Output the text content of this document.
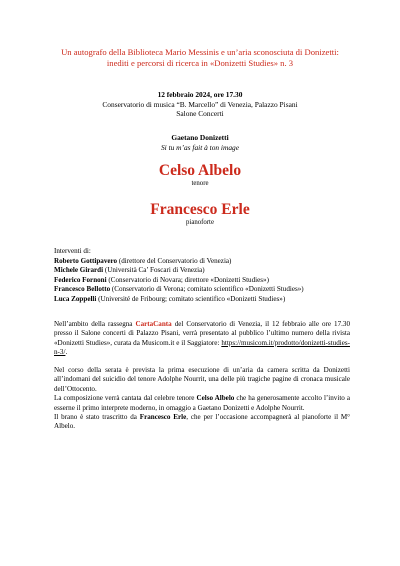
Un autografo della Biblioteca Mario Messinis e un’aria sconosciuta di Donizetti:
inediti e percorsi di ricerca in «Donizetti Studies» n. 3
12 febbraio 2024, ore 17.30
Conservatorio di musica “B. Marcello” di Venezia, Palazzo Pisani
Salone Concerti
Gaetano Donizetti
Si tu m’as fait à ton image
Celso Albelo
tenore
Francesco Erle
pianoforte
Interventi di:
Roberto Gottipavero (direttore del Conservatorio di Venezia)
Michele Girardi (Università Ca’ Foscari di Venezia)
Federico Fornoni (Conservatorio di Novara; direttore «Donizetti Studies»)
Francesco Bellotto (Conservatorio di Verona; comitato scientifico «Donizetti Studies»)
Luca Zoppelli (Université de Fribourg; comitato scientifico «Donizetti Studies»)
Nell’ambito della rassegna CartaCanta del Conservatorio di Venezia, il 12 febbraio alle ore 17.30 presso il Salone concerti di Palazzo Pisani, verrà presentato al pubblico l’ultimo numero della rivista «Donizetti Studies», curata da Musicom.it e il Saggiatore: https://musicom.it/prodotto/donizetti-studies-n-3/.
Nel corso della serata è prevista la prima esecuzione di un’aria da camera scritta da Donizetti all’indomani del suicidio del tenore Adolphe Nourrit, una delle più tragiche pagine di cronaca musicale dell’Ottocento.
La composizione verrà cantata dal celebre tenore Celso Albelo che ha generosamente accolto l’invito a esserne il primo interprete moderno, in omaggio a Gaetano Donizetti e Adolphe Nourrit.
Il brano è stato trascritto da Francesco Erle, che per l’occasione accompagnerà al pianoforte il M° Albelo.
